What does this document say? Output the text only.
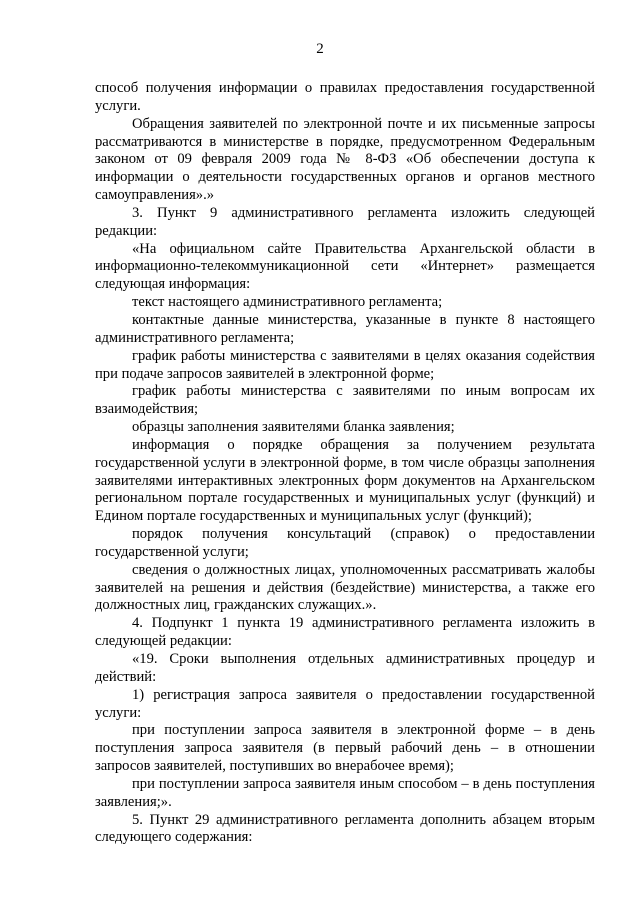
2

способ получения информации о правилах предоставления государственной услуги.

Обращения заявителей по электронной почте и их письменные запросы рассматриваются в министерстве в порядке, предусмотренном Федеральным законом от 09 февраля 2009 года № 8-ФЗ «Об обеспечении доступа к информации о деятельности государственных органов и органов местного самоуправления».»

3. Пункт 9 административного регламента изложить следующей редакции:

«На официальном сайте Правительства Архангельской области в информационно-телекоммуникационной сети «Интернет» размещается следующая информация:

текст настоящего административного регламента;

контактные данные министерства, указанные в пункте 8 настоящего административного регламента;

график работы министерства с заявителями в целях оказания содействия при подаче запросов заявителей в электронной форме;

график работы министерства с заявителями по иным вопросам их взаимодействия;

образцы заполнения заявителями бланка заявления;

информация о порядке обращения за получением результата государственной услуги в электронной форме, в том числе образцы заполнения заявителями интерактивных электронных форм документов на Архангельском региональном портале государственных и муниципальных услуг (функций) и Едином портале государственных и муниципальных услуг (функций);

порядок получения консультаций (справок) о предоставлении государственной услуги;

сведения о должностных лицах, уполномоченных рассматривать жалобы заявителей на решения и действия (бездействие) министерства, а также его должностных лиц, гражданских служащих.».

4. Подпункт 1 пункта 19 административного регламента изложить в следующей редакции:

«19. Сроки выполнения отдельных административных процедур и действий:

1) регистрация запроса заявителя о предоставлении государственной услуги:

при поступлении запроса заявителя в электронной форме – в день поступления запроса заявителя (в первый рабочий день – в отношении запросов заявителей, поступивших во внерабочее время);

при поступлении запроса заявителя иным способом – в день поступления заявления;».

5. Пункт 29 административного регламента дополнить абзацем вторым следующего содержания:
